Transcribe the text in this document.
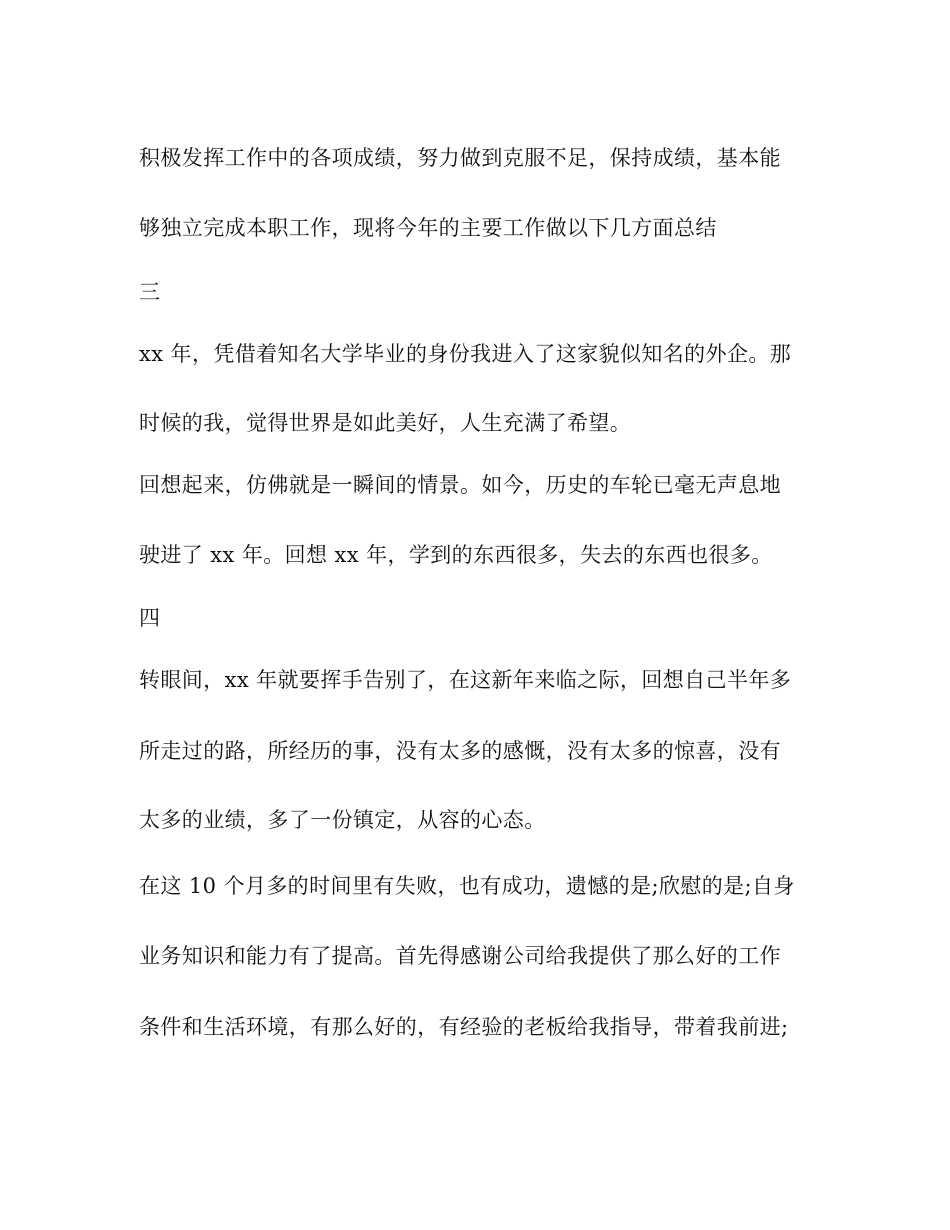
积极发挥工作中的各项成绩，努力做到克服不足，保持成绩，基本能
够独立完成本职工作，现将今年的主要工作做以下几方面总结
三
xx 年，凭借着知名大学毕业的身份我进入了这家貌似知名的外企。那
时候的我，觉得世界是如此美好，人生充满了希望。
回想起来，仿佛就是一瞬间的情景。如今，历史的车轮已毫无声息地
驶进了 xx 年。回想 xx 年，学到的东西很多，失去的东西也很多。
四
转眼间，xx 年就要挥手告别了，在这新年来临之际，回想自己半年多
所走过的路，所经历的事，没有太多的感慨，没有太多的惊喜，没有
太多的业绩，多了一份镇定，从容的心态。
在这 10 个月多的时间里有失败，也有成功，遗憾的是;欣慰的是;自身
业务知识和能力有了提高。首先得感谢公司给我提供了那么好的工作
条件和生活环境，有那么好的，有经验的老板给我指导，带着我前进;
